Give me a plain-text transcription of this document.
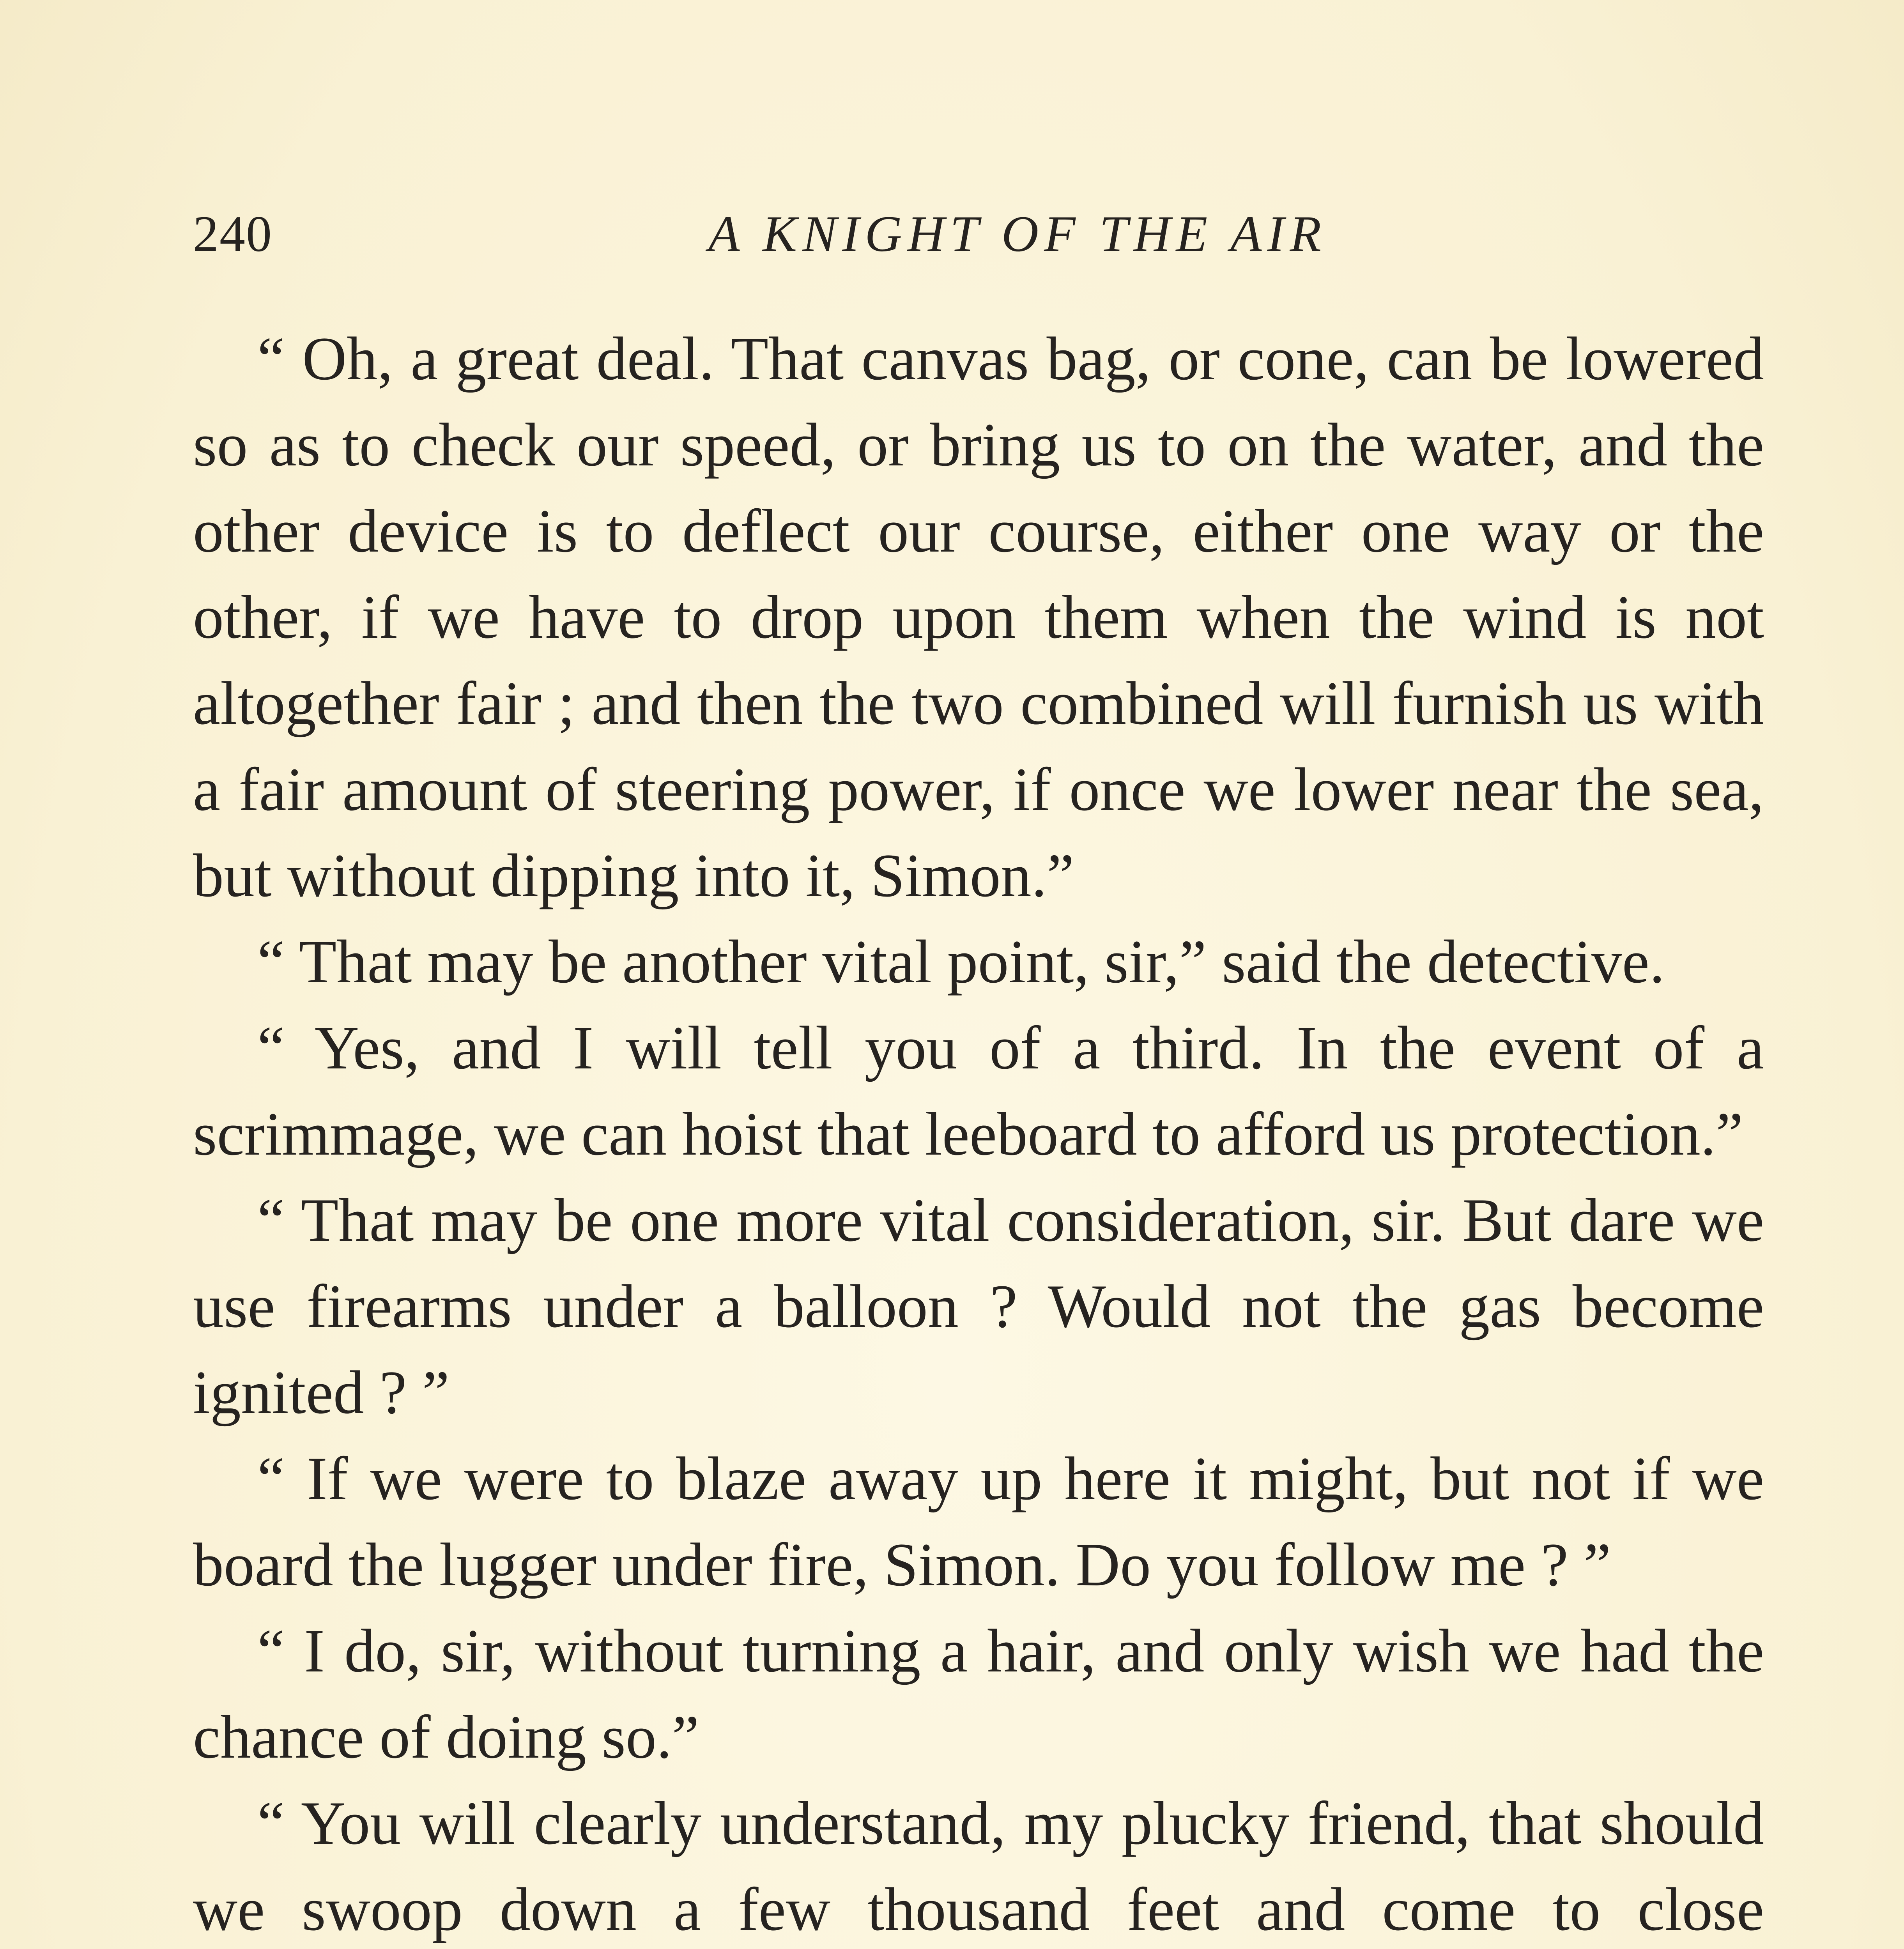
240	A KNIGHT OF THE AIR

“ Oh, a great deal. That canvas bag, or cone, can be lowered so as to check our speed, or bring us to on the water, and the other device is to deflect our course, either one way or the other, if we have to drop upon them when the wind is not altogether fair ; and then the two combined will furnish us with a fair amount of steering power, if once we lower near the sea, but without dipping into it, Simon.”

“ That may be another vital point, sir,” said the detective.

“ Yes, and I will tell you of a third. In the event of a scrimmage, we can hoist that leeboard to afford us protection.”

“ That may be one more vital consideration, sir. But dare we use firearms under a balloon ? Would not the gas become ignited ? ”

“ If we were to blaze away up here it might, but not if we board the lugger under fire, Simon. Do you follow me ? ”

“ I do, sir, without turning a hair, and only wish we had the chance of doing so.”

“ You will clearly understand, my plucky friend, that should we swoop down a few thousand feet and come to close
